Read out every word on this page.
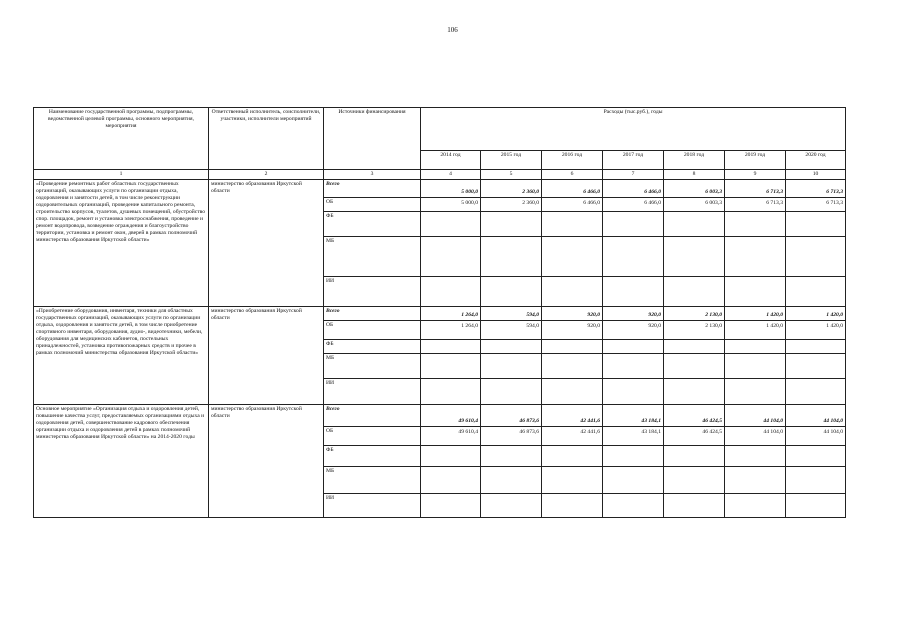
106
Наименование государственной программы, подпрограммы, ведомственной целевой программы, основного мероприятия, мероприятия	Ответственный исполнитель, соисполнители, участники, исполнители мероприятий	Источники финансирования	Расходы (тыс.руб.), годы						
			2014 год	2015 год	2016 год	2017 год	2018 год	2019 год	2020 год
1	2	3	4	5	6	7	8	9	10
«Проведение ремонтных работ областных государственных организаций, оказывающих услуги по организации отдыха, оздоровления и занятости детей, в том числе реконструкции оздоровительных организаций, проведение капитального ремонта, строительство корпусов, туалетов, душевых помещений, обустройство спор. площадок, ремонт и установка электроснабжения, проведение и ремонт водопровода, возведение ограждения и благоустройство территории, установка и ремонт окон, дверей в рамках полномочий министерства образования Иркутской области»	министерство образования Иркутской области	Всего	5 000,0	2 360,0	6 466,0	6 466,0	6 003,3	6 713,3	6 713,3
		ОБ	5 000,0	2 360,0	6 466,0	6 466,0	6 003,3	6 713,3	6 713,3
		ФБ							
		МБ							
		ИИ							
«Приобретение оборудования, инвентаря, техники для областных государственных организаций, оказывающих услуги по организации отдыха, оздоровления и занятости детей, в том числе приобретение спортивного инвентаря, оборудования, аудио-, видеотехники, мебели, оборудования для медицинских кабинетов, постельных принадлежностей, установка противопожарных средств и прочее в рамках полномочий министерства образования Иркутской области»	министерство образования Иркутской области	Всего	1 264,0	594,0	920,0	920,0	2 130,0	1 420,0	1 420,0
		ОБ	1 264,0	594,0	920,0	920,0	2 130,0	1 420,0	1 420,0
		ФБ							
		МБ							
		ИИ							
Основное мероприятие «Организация отдыха и оздоровления детей, повышение качества услуг, предоставляемых организациями отдыха и оздоровления детей, совершенствование кадрового обеспечения организации отдыха и оздоровления детей в рамках полномочий министерства образования Иркутской области» на 2014-2020 годы	министерство образования Иркутской области	Всего	49 610,4	46 873,6	42 441,6	43 184,1	46 424,5	44 104,0	44 104,0
		ОБ	49 610,4	46 873,6	42 441,6	43 184,1	46 424,5	44 104,0	44 104,0
		ФБ							
		МБ							
		ИИ							
